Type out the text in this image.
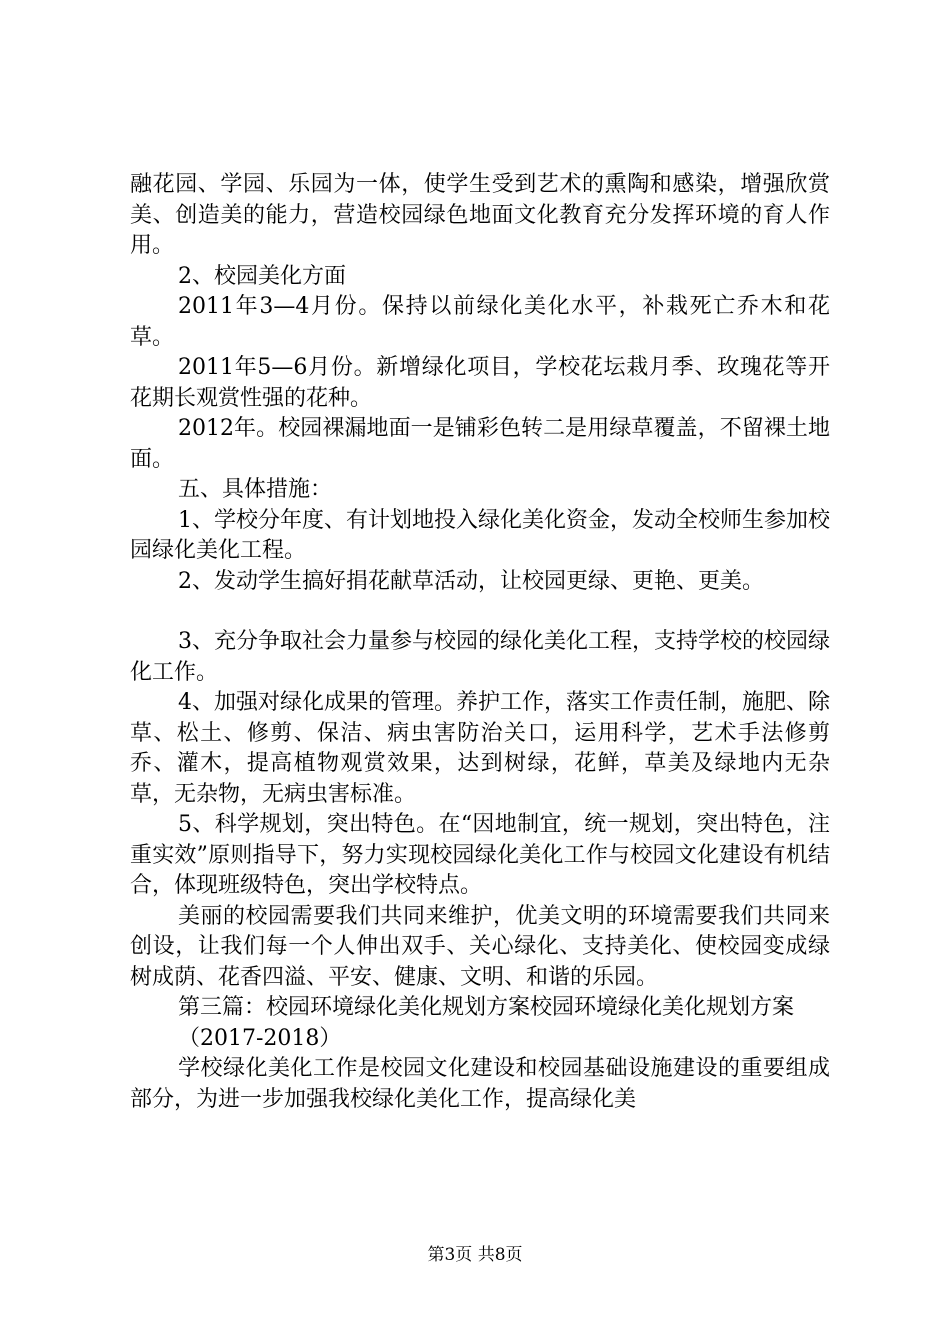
融花园、学园、乐园为一体，使学生受到艺术的熏陶和感染，增强欣赏美、创造美的能力，营造校园绿色地面文化教育充分发挥环境的育人作用。

2、校园美化方面

2011年3—4月份。保持以前绿化美化水平，补栽死亡乔木和花草。

2011年5—6月份。新增绿化项目，学校花坛栽月季、玫瑰花等开花期长观赏性强的花种。

2012年。校园裸漏地面一是铺彩色转二是用绿草覆盖，不留裸土地面。

五、具体措施：

1、学校分年度、有计划地投入绿化美化资金，发动全校师生参加校园绿化美化工程。

2、发动学生搞好捐花献草活动，让校园更绿、更艳、更美。

3、充分争取社会力量参与校园的绿化美化工程，支持学校的校园绿化工作。

4、加强对绿化成果的管理。养护工作，落实工作责任制，施肥、除草、松土、修剪、保洁、病虫害防治关口，运用科学，艺术手法修剪乔、灌木，提高植物观赏效果，达到树绿，花鲜，草美及绿地内无杂草，无杂物，无病虫害标准。

5、科学规划，突出特色。在“因地制宜，统一规划，突出特色，注重实效”原则指导下，努力实现校园绿化美化工作与校园文化建设有机结合，体现班级特色，突出学校特点。

美丽的校园需要我们共同来维护，优美文明的环境需要我们共同来创设，让我们每一个人伸出双手、关心绿化、支持美化、使校园变成绿树成荫、花香四溢、平安、健康、文明、和谐的乐园。

第三篇：校园环境绿化美化规划方案校园环境绿化美化规划方案

（2017-2018）

学校绿化美化工作是校园文化建设和校园基础设施建设的重要组成部分，为进一步加强我校绿化美化工作，提高绿化美

第3页 共8页
